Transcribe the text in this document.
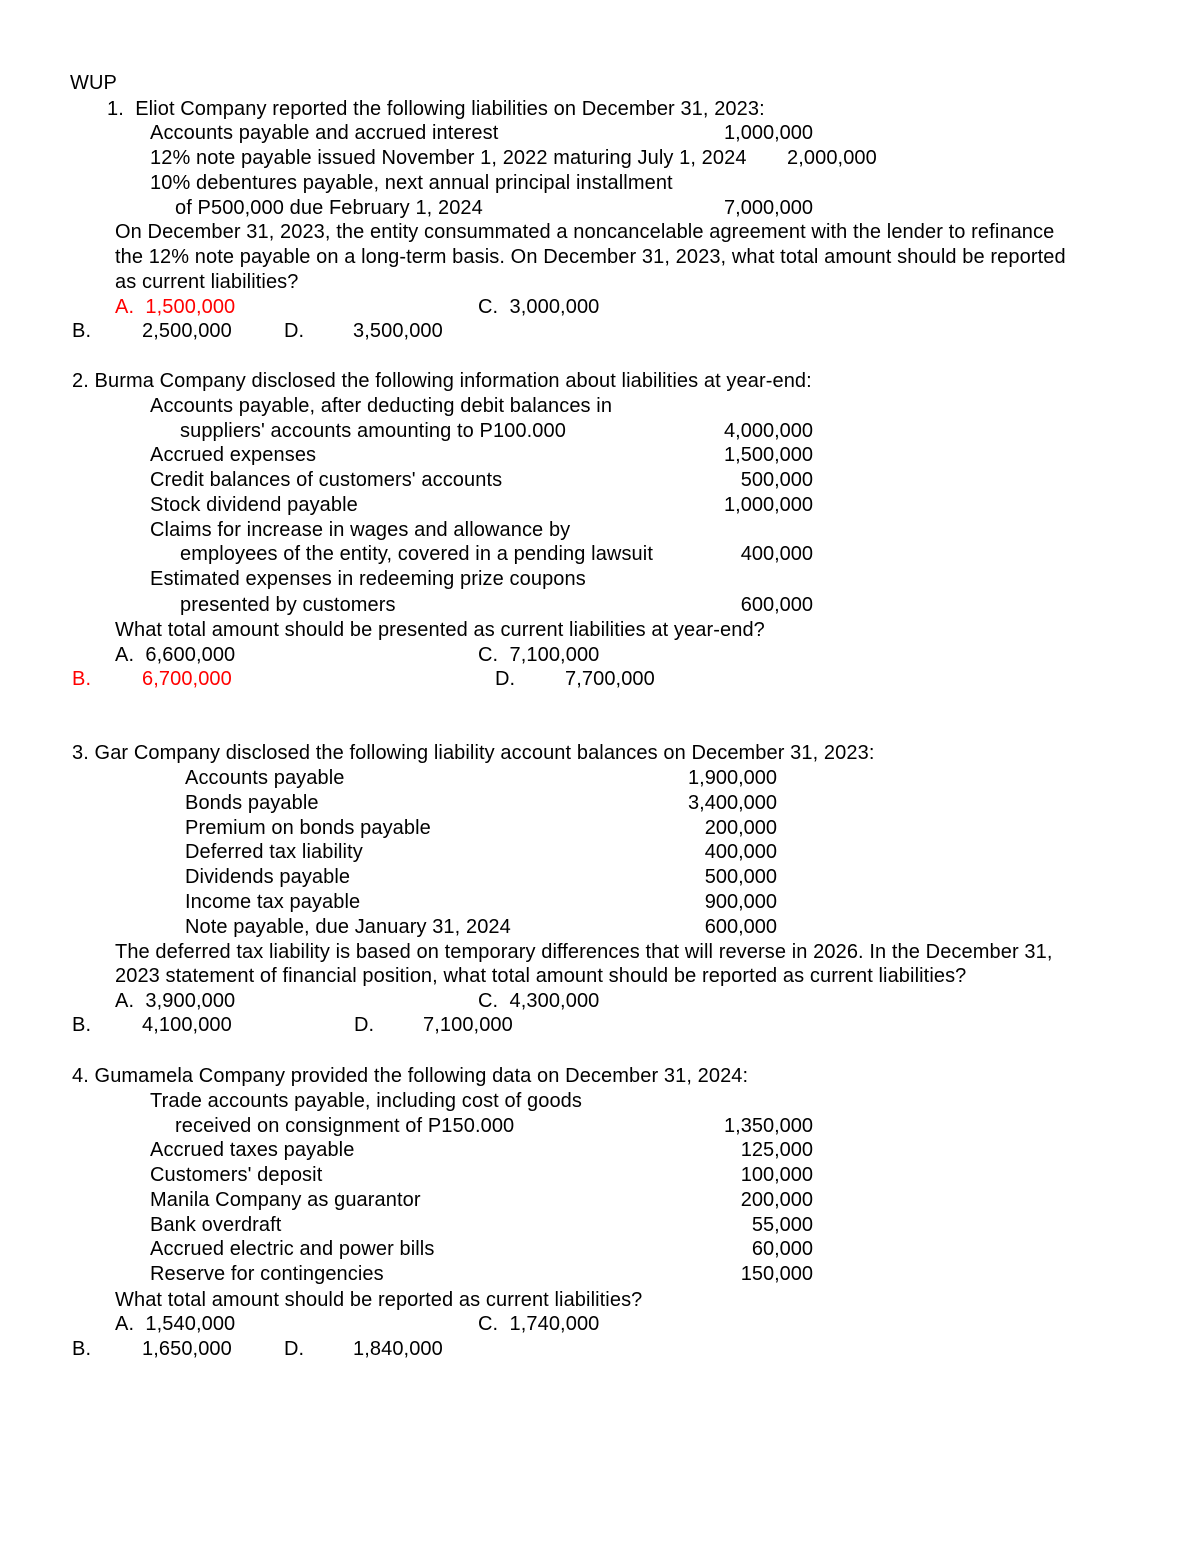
WUP
1.  Eliot Company reported the following liabilities on December 31, 2023:
Accounts payable and accrued interest	1,000,000
12% note payable issued November 1, 2022 maturing July 1, 2024 2,000,000
10% debentures payable, next annual principal installment
of P500,000 due February 1, 2024	7,000,000
On December 31, 2023, the entity consummated a noncancelable agreement with the lender to refinance
the 12% note payable on a long-term basis. On December 31, 2023, what total amount should be reported
as current liabilities?
A.  1,500,000	C.  3,000,000
B.	2,500,000	D. 3,500,000
2. Burma Company disclosed the following information about liabilities at year-end:
Accounts payable, after deducting debit balances in
suppliers' accounts amounting to P100.000	4,000,000
Accrued expenses	1,500,000
Credit balances of customers' accounts	500,000
Stock dividend payable	1,000,000
Claims for increase in wages and allowance by
employees of the entity, covered in a pending lawsuit	400,000
Estimated expenses in redeeming prize coupons
presented by customers	600,000
What total amount should be presented as current liabilities at year-end?
A.  6,600,000	C.  7,100,000
B.	6,700,000	D. 7,700,000
3. Gar Company disclosed the following liability account balances on December 31, 2023:
Accounts payable	1,900,000
Bonds payable	3,400,000
Premium on bonds payable	200,000
Deferred tax liability	400,000
Dividends payable	500,000
Income tax payable	900,000
Note payable, due January 31, 2024	600,000
The deferred tax liability is based on temporary differences that will reverse in 2026. In the December 31,
2023 statement of financial position, what total amount should be reported as current liabilities?
A.  3,900,000	C.  4,300,000
B.	4,100,000	D. 7,100,000
4. Gumamela Company provided the following data on December 31, 2024:
Trade accounts payable, including cost of goods
received on consignment of P150.000	1,350,000
Accrued taxes payable	125,000
Customers' deposit	100,000
Manila Company as guarantor	200,000
Bank overdraft	55,000
Accrued electric and power bills	60,000
Reserve for contingencies	150,000
What total amount should be reported as current liabilities?
A.  1,540,000	C.  1,740,000
B.	1,650,000	D. 1,840,000
